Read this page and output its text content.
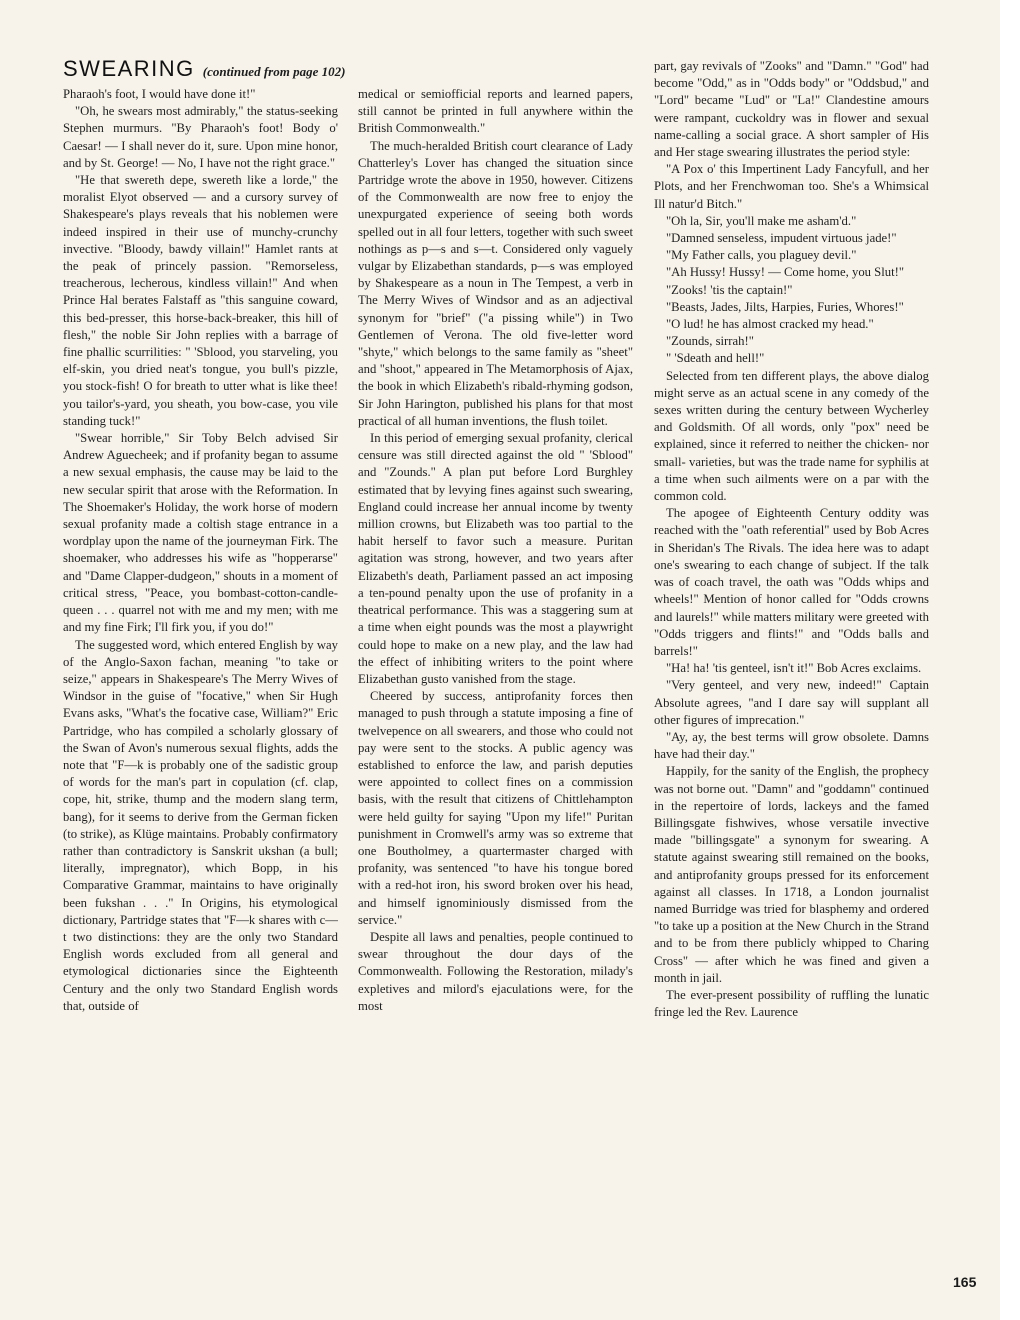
SWEARING (continued from page 102)

Pharaoh's foot, I would have done it!"

"Oh, he swears most admirably," the status-seeking Stephen murmurs. "By Pharaoh's foot! Body o' Caesar! — I shall never do it, sure. Upon mine honor, and by St. George! — No, I have not the right grace."

"He that swereth depe, swereth like a lorde," the moralist Elyot observed — and a cursory survey of Shakespeare's plays reveals that his noblemen were indeed inspired in their use of munchy-crunchy invective. "Bloody, bawdy villain!" Hamlet rants at the peak of princely passion. "Remorseless, treacherous, lecherous, kindless villain!" And when Prince Hal berates Falstaff as "this sanguine coward, this bed-presser, this horse-back-breaker, this hill of flesh," the noble Sir John replies with a barrage of fine phallic scurrilities: " 'Sblood, you starveling, you elf-skin, you dried neat's tongue, you bull's pizzle, you stock-fish! O for breath to utter what is like thee! you tailor's-yard, you sheath, you bow-case, you vile standing tuck!"

"Swear horrible," Sir Toby Belch advised Sir Andrew Aguecheek; and if profanity began to assume a new sexual emphasis, the cause may be laid to the new secular spirit that arose with the Reformation. In The Shoemaker's Holiday, the work horse of modern sexual profanity made a coltish stage entrance in a wordplay upon the name of the journeyman Firk. The shoemaker, who addresses his wife as "hopperarse" and "Dame Clapper-dudgeon," shouts in a moment of critical stress, "Peace, you bombast-cotton-candle-queen . . . quarrel not with me and my men; with me and my fine Firk; I'll firk you, if you do!"

The suggested word, which entered English by way of the Anglo-Saxon fachan, meaning "to take or seize," appears in Shakespeare's The Merry Wives of Windsor in the guise of "focative," when Sir Hugh Evans asks, "What's the focative case, William?" Eric Partridge, who has compiled a scholarly glossary of the Swan of Avon's numerous sexual flights, adds the note that "F—k is probably one of the sadistic group of words for the man's part in copulation (cf. clap, cope, hit, strike, thump and the modern slang term, bang), for it seems to derive from the German ficken (to strike), as Klüge maintains. Probably confirmatory rather than contradictory is Sanskrit ukshan (a bull; literally, impregnator), which Bopp, in his Comparative Grammar, maintains to have originally been fukshan . . ." In Origins, his etymological dictionary, Partridge states that "F—k shares with c—t two distinctions: they are the only two Standard English words excluded from all general and etymological dictionaries since the Eighteenth Century and the only two Standard English words that, outside of

medical or semiofficial reports and learned papers, still cannot be printed in full anywhere within the British Commonwealth."

The much-heralded British court clearance of Lady Chatterley's Lover has changed the situation since Partridge wrote the above in 1950, however. Citizens of the Commonwealth are now free to enjoy the unexpurgated experience of seeing both words spelled out in all four letters, together with such sweet nothings as p—s and s—t. Considered only vaguely vulgar by Elizabethan standards, p—s was employed by Shakespeare as a noun in The Tempest, a verb in The Merry Wives of Windsor and as an adjectival synonym for "brief" ("a pissing while") in Two Gentlemen of Verona. The old five-letter word "shyte," which belongs to the same family as "sheet" and "shoot," appeared in The Metamorphosis of Ajax, the book in which Elizabeth's ribald-rhyming godson, Sir John Harington, published his plans for that most practical of all human inventions, the flush toilet.

In this period of emerging sexual profanity, clerical censure was still directed against the old " 'Sblood" and "Zounds." A plan put before Lord Burghley estimated that by levying fines against such swearing, England could increase her annual income by twenty million crowns, but Elizabeth was too partial to the habit herself to favor such a measure. Puritan agitation was strong, however, and two years after Elizabeth's death, Parliament passed an act imposing a ten-pound penalty upon the use of profanity in a theatrical performance. This was a staggering sum at a time when eight pounds was the most a playwright could hope to make on a new play, and the law had the effect of inhibiting writers to the point where Elizabethan gusto vanished from the stage.

Cheered by success, antiprofanity forces then managed to push through a statute imposing a fine of twelvepence on all swearers, and those who could not pay were sent to the stocks. A public agency was established to enforce the law, and parish deputies were appointed to collect fines on a commission basis, with the result that citizens of Chittlehampton were held guilty for saying "Upon my life!" Puritan punishment in Cromwell's army was so extreme that one Boutholmey, a quartermaster charged with profanity, was sentenced "to have his tongue bored with a red-hot iron, his sword broken over his head, and himself ignominiously dismissed from the service."

Despite all laws and penalties, people continued to swear throughout the dour days of the Commonwealth. Following the Restoration, milady's expletives and milord's ejaculations were, for the most

part, gay revivals of "Zooks" and "Damn." "God" had become "Odd," as in "Odds body" or "Oddsbud," and "Lord" became "Lud" or "La!" Clandestine amours were rampant, cuckoldry was in flower and sexual name-calling a social grace. A short sampler of His and Her stage swearing illustrates the period style:

"A Pox o' this Impertinent Lady Fancyfull, and her Plots, and her Frenchwoman too. She's a Whimsical Ill natur'd Bitch."

"Oh la, Sir, you'll make me asham'd."

"Damned senseless, impudent virtuous jade!"

"My Father calls, you plaguey devil."

"Ah Hussy! Hussy! — Come home, you Slut!"

"Zooks! 'tis the captain!"

"Beasts, Jades, Jilts, Harpies, Furies, Whores!"

"O lud! he has almost cracked my head."

"Zounds, sirrah!"

" 'Sdeath and hell!"

Selected from ten different plays, the above dialog might serve as an actual scene in any comedy of the sexes written during the century between Wycherley and Goldsmith. Of all words, only "pox" need be explained, since it referred to neither the chicken- nor small- varieties, but was the trade name for syphilis at a time when such ailments were on a par with the common cold.

The apogee of Eighteenth Century oddity was reached with the "oath referential" used by Bob Acres in Sheridan's The Rivals. The idea here was to adapt one's swearing to each change of subject. If the talk was of coach travel, the oath was "Odds whips and wheels!" Mention of honor called for "Odds crowns and laurels!" while matters military were greeted with "Odds triggers and flints!" and "Odds balls and barrels!"

"Ha! ha! 'tis genteel, isn't it!" Bob Acres exclaims.

"Very genteel, and very new, indeed!" Captain Absolute agrees, "and I dare say will supplant all other figures of imprecation."

"Ay, ay, the best terms will grow obsolete. Damns have had their day."

Happily, for the sanity of the English, the prophecy was not borne out. "Damn" and "goddamn" continued in the repertoire of lords, lackeys and the famed Billingsgate fishwives, whose versatile invective made "billingsgate" a synonym for swearing. A statute against swearing still remained on the books, and antiprofanity groups pressed for its enforcement against all classes. In 1718, a London journalist named Burridge was tried for blasphemy and ordered "to take up a position at the New Church in the Strand and to be from there publicly whipped to Charing Cross" — after which he was fined and given a month in jail.

The ever-present possibility of ruffling the lunatic fringe led the Rev. Laurence

165
